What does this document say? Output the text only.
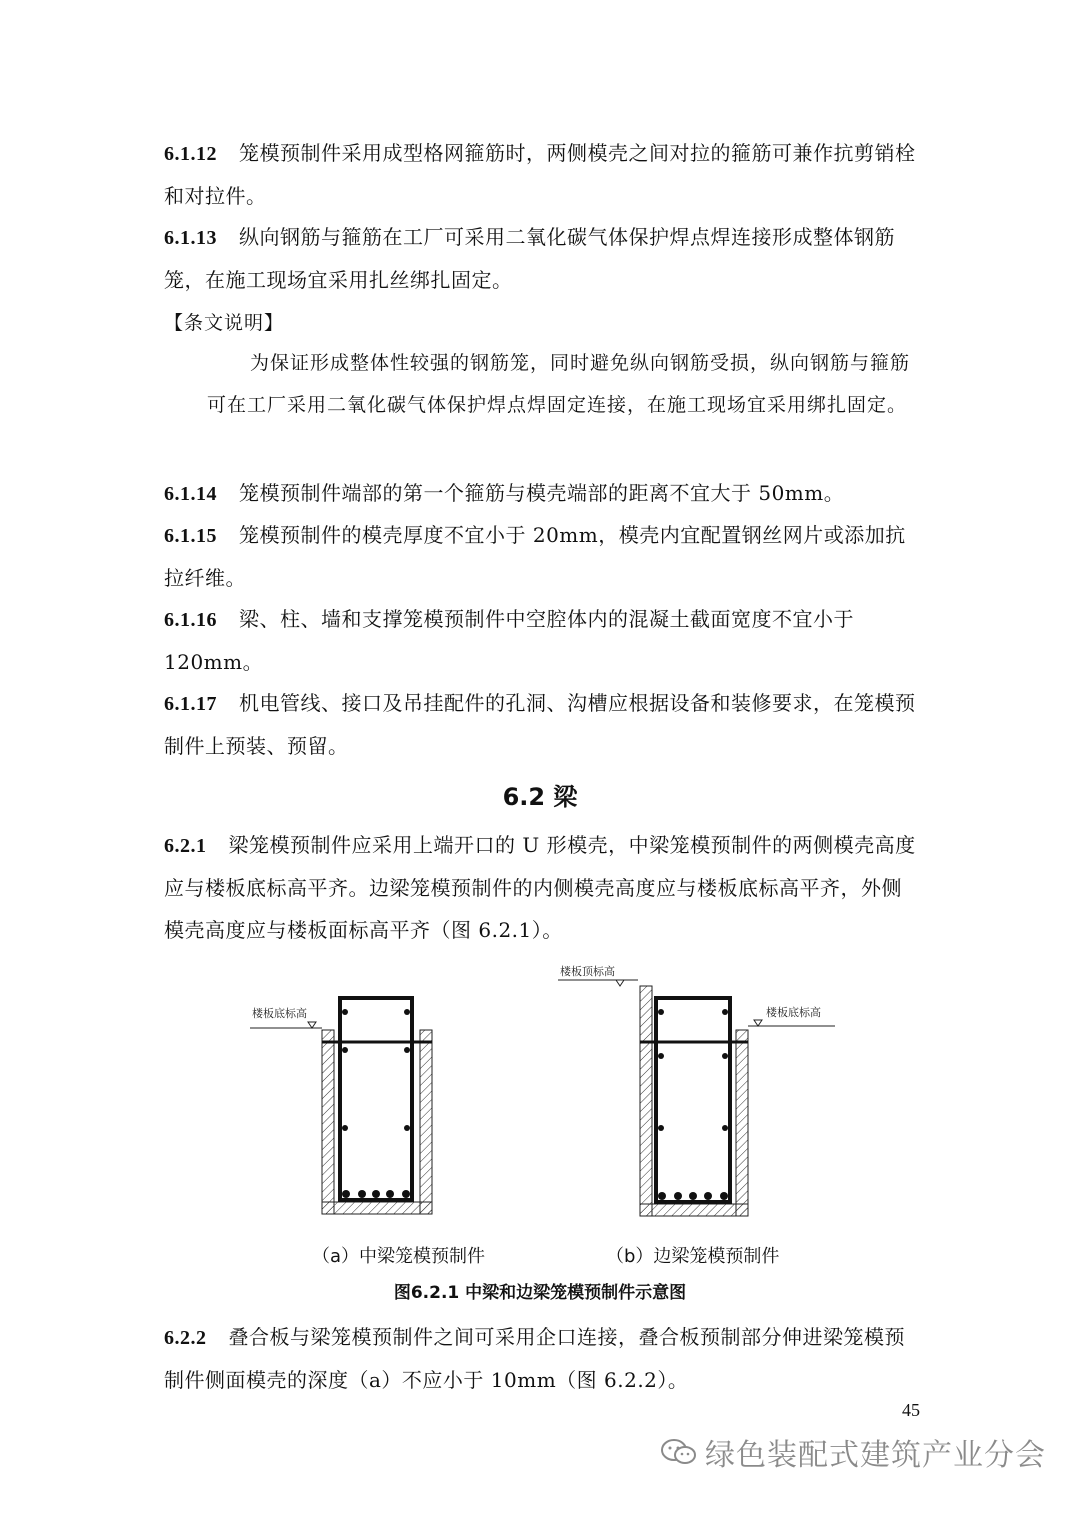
6.1.12 笼模预制件采用成型格网箍筋时，两侧模壳之间对拉的箍筋可兼作抗剪销栓和对拉件。
6.1.13 纵向钢筋与箍筋在工厂可采用二氧化碳气体保护焊点焊连接形成整体钢筋笼，在施工现场宜采用扎丝绑扎固定。
【条文说明】
为保证形成整体性较强的钢筋笼，同时避免纵向钢筋受损，纵向钢筋与箍筋可在工厂采用二氧化碳气体保护焊点焊固定连接，在施工现场宜采用绑扎固定。
6.1.14 笼模预制件端部的第一个箍筋与模壳端部的距离不宜大于 50mm。
6.1.15 笼模预制件的模壳厚度不宜小于 20mm，模壳内宜配置钢丝网片或添加抗拉纤维。
6.1.16 梁、柱、墙和支撑笼模预制件中空腔体内的混凝土截面宽度不宜小于 120mm。
6.1.17 机电管线、接口及吊挂配件的孔洞、沟槽应根据设备和装修要求，在笼模预制件上预装、预留。
6.2 梁
6.2.1 梁笼模预制件应采用上端开口的 U 形模壳，中梁笼模预制件的两侧模壳高度应与楼板底标高平齐。边梁笼模预制件的内侧模壳高度应与楼板底标高平齐，外侧模壳高度应与楼板面标高平齐（图 6.2.1）。
楼板底标高
楼板顶标高
楼板底标高
（a）中梁笼模预制件	（b）边梁笼模预制件
图6.2.1 中梁和边梁笼模预制件示意图
6.2.2 叠合板与梁笼模预制件之间可采用企口连接，叠合板预制部分伸进梁笼模预制件侧面模壳的深度（a）不应小于 10mm（图 6.2.2）。
45
绿色装配式建筑产业分会
